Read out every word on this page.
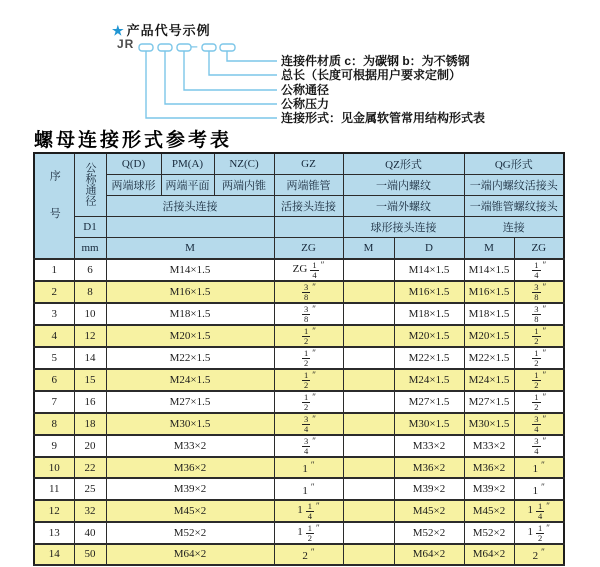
★ 产品代号示例
JR	–
连接件材质 c：为碳钢 b：为不锈钢
总长（长度可根据用户要求定制）
公称通径
公称压力
连接形式：见金属软管常用结构形式表
螺母连接形式参考表
序号	公称通径	Q(D)	PM(A)	NZ(C)	GZ	QZ形式		QG形式	
		两端球形	两端平面	两端内锥	两端锥管	一端内螺纹		一端内螺纹活接头	
		活接头连接			活接头连接	一端外螺纹		一端锥管螺纹接头	
	D1					球形接头连接		连接	
	mm	M			ZG	M	D	M	ZG
1	6	M14×1.5			ZG $\frac{1}{4} ''$		M14×1.5	M14×1.5	$\frac{1}{4} ''$
2	8	M16×1.5			$\frac{3}{8} ''$		M16×1.5	M16×1.5	$\frac{3}{8} ''$
3	10	M18×1.5			$\frac{3}{8} ''$		M18×1.5	M18×1.5	$\frac{3}{8} ''$
4	12	M20×1.5			$\frac{1}{2} ''$		M20×1.5	M20×1.5	$\frac{1}{2} ''$
5	14	M22×1.5			$\frac{1}{2} ''$		M22×1.5	M22×1.5	$\frac{1}{2} ''$
6	15	M24×1.5			$\frac{1}{2} ''$		M24×1.5	M24×1.5	$\frac{1}{2} ''$
7	16	M27×1.5			$\frac{1}{2} ''$		M27×1.5	M27×1.5	$\frac{1}{2} ''$
8	18	M30×1.5			$\frac{3}{4} ''$		M30×1.5	M30×1.5	$\frac{3}{4} ''$
9	20	M33×2			$\frac{3}{4} ''$		M33×2	M33×2	$\frac{3}{4} ''$
10	22	M36×2			1 ″		M36×2	M36×2	1 ″
11	25	M39×2			1 ″		M39×2	M39×2	1 ″
12	32	M45×2			$1 \frac{1}{4} ''$		M45×2	M45×2	$1 \frac{1}{4} ''$
13	40	M52×2			$1 \frac{1}{2} ''$		M52×2	M52×2	$1 \frac{1}{2} ''$
14	50	M64×2			2 ″		M64×2	M64×2	2 ″
